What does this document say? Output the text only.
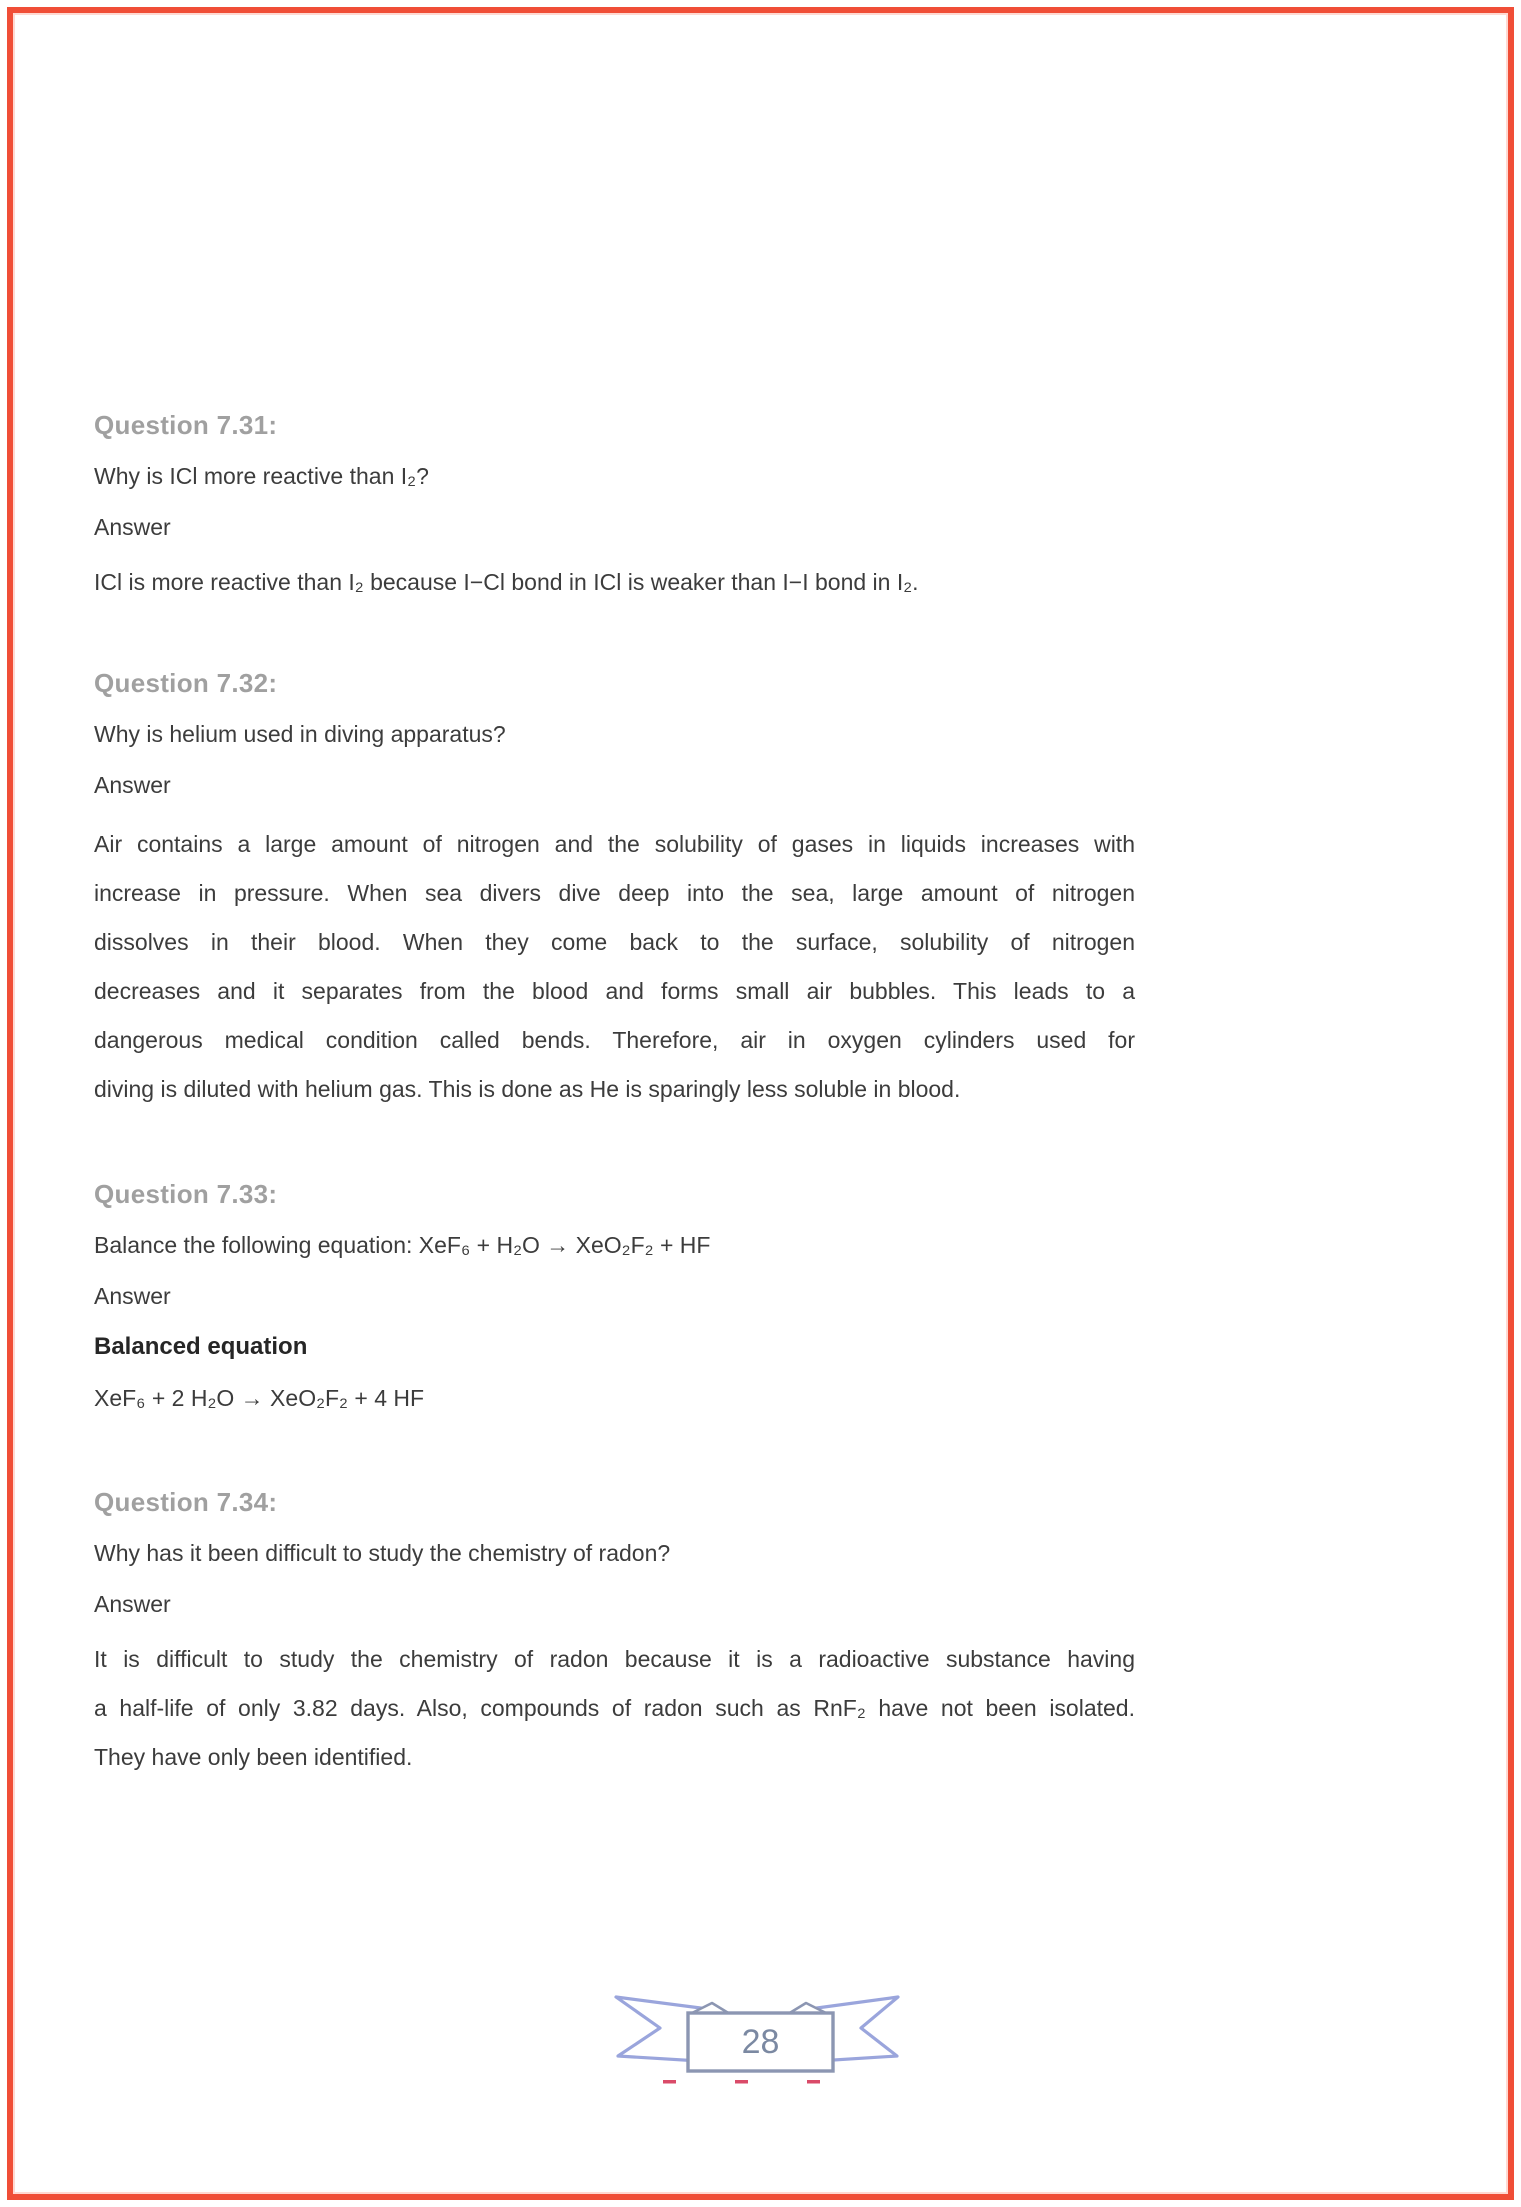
Question 7.31:
Why is ICl more reactive than I₂?
Answer
ICl is more reactive than I₂ because I−Cl bond in ICl is weaker than I−I bond in I₂.
Question 7.32:
Why is helium used in diving apparatus?
Answer
Air contains a large amount of nitrogen and the solubility of gases in liquids increases with
increase in pressure. When sea divers dive deep into the sea, large amount of nitrogen
dissolves in their blood. When they come back to the surface, solubility of nitrogen
decreases and it separates from the blood and forms small air bubbles. This leads to a
dangerous medical condition called bends. Therefore, air in oxygen cylinders used for
diving is diluted with helium gas. This is done as He is sparingly less soluble in blood.
Question 7.33:
Balance the following equation: XeF₆ + H₂O → XeO₂F₂ + HF
Answer
Balanced equation
XeF₆ + 2 H₂O → XeO₂F₂ + 4 HF
Question 7.34:
Why has it been difficult to study the chemistry of radon?
Answer
It is difficult to study the chemistry of radon because it is a radioactive substance having
a half-life of only 3.82 days. Also, compounds of radon such as RnF₂ have not been isolated.
They have only been identified.
28
